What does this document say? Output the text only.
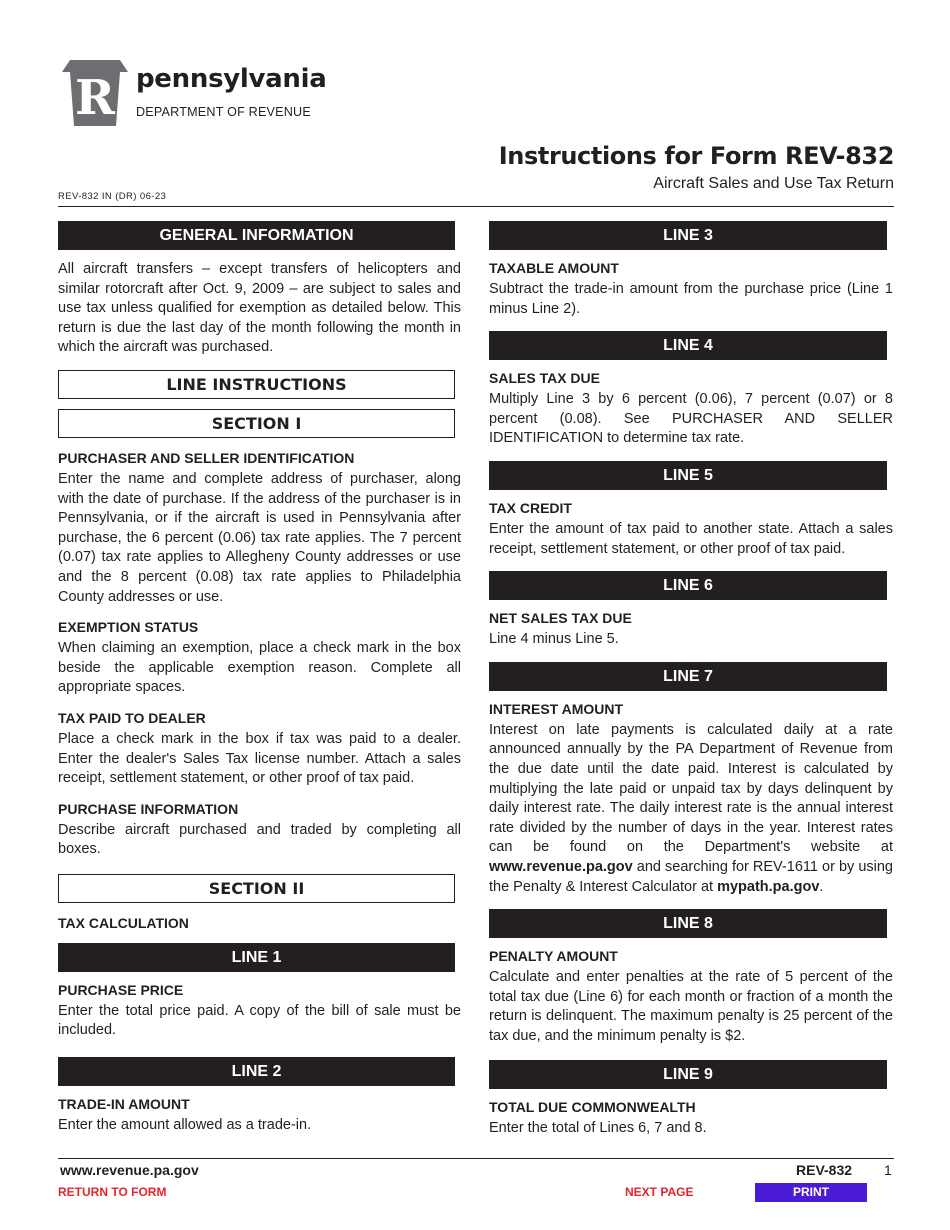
R pennsylvania
DEPARTMENT OF REVENUE
Instructions for Form REV-832
Aircraft Sales and Use Tax Return
REV-832 IN (DR) 06-23
GENERAL INFORMATION

All aircraft transfers – except transfers of helicopters and similar rotorcraft after Oct. 9, 2009 – are subject to sales and use tax unless qualified for exemption as detailed below. This return is due the last day of the month following the month in which the aircraft was purchased.

LINE INSTRUCTIONS
SECTION I

PURCHASER AND SELLER IDENTIFICATION

Enter the name and complete address of purchaser, along with the date of purchase. If the address of the purchaser is in Pennsylvania, or if the aircraft is used in Pennsylvania after purchase, the 6 percent (0.06) tax rate applies. The 7 percent (0.07) tax rate applies to Allegheny County addresses or use and the 8 percent (0.08) tax rate applies to Philadelphia County addresses or use.

EXEMPTION STATUS

When claiming an exemption, place a check mark in the box beside the applicable exemption reason. Complete all appropriate spaces.

TAX PAID TO DEALER

Place a check mark in the box if tax was paid to a dealer. Enter the dealer's Sales Tax license number. Attach a sales receipt, settlement statement, or other proof of tax paid.

PURCHASE INFORMATION

Describe aircraft purchased and traded by completing all boxes.

SECTION II

TAX CALCULATION

LINE 1

PURCHASE PRICE

Enter the total price paid. A copy of the bill of sale must be included.

LINE 2

TRADE-IN AMOUNT

Enter the amount allowed as a trade-in.

LINE 3

TAXABLE AMOUNT

Subtract the trade-in amount from the purchase price (Line 1 minus Line 2).

LINE 4

SALES TAX DUE

Multiply Line 3 by 6 percent (0.06), 7 percent (0.07) or 8 percent (0.08). See PURCHASER AND SELLER IDENTIFICATION to determine tax rate.

LINE 5

TAX CREDIT

Enter the amount of tax paid to another state. Attach a sales receipt, settlement statement, or other proof of tax paid.

LINE 6

NET SALES TAX DUE

Line 4 minus Line 5.

LINE 7

INTEREST AMOUNT

Interest on late payments is calculated daily at a rate announced annually by the PA Department of Revenue from the due date until the date paid. Interest is calculated by multiplying the late paid or unpaid tax by days delinquent by daily interest rate. The daily interest rate is the annual interest rate divided by the number of days in the year. Interest rates can be found on the Department's website at www.revenue.pa.gov and searching for REV-1611 or by using the Penalty & Interest Calculator at mypath.pa.gov.

LINE 8

PENALTY AMOUNT

Calculate and enter penalties at the rate of 5 percent of the total tax due (Line 6) for each month or fraction of a month the return is delinquent. The maximum penalty is 25 percent of the tax due, and the minimum penalty is $2.

LINE 9

TOTAL DUE COMMONWEALTH

Enter the total of Lines 6, 7 and 8.

www.revenue.pa.gov	REV-832 1
RETURN TO FORM	NEXT PAGE	PRINT
